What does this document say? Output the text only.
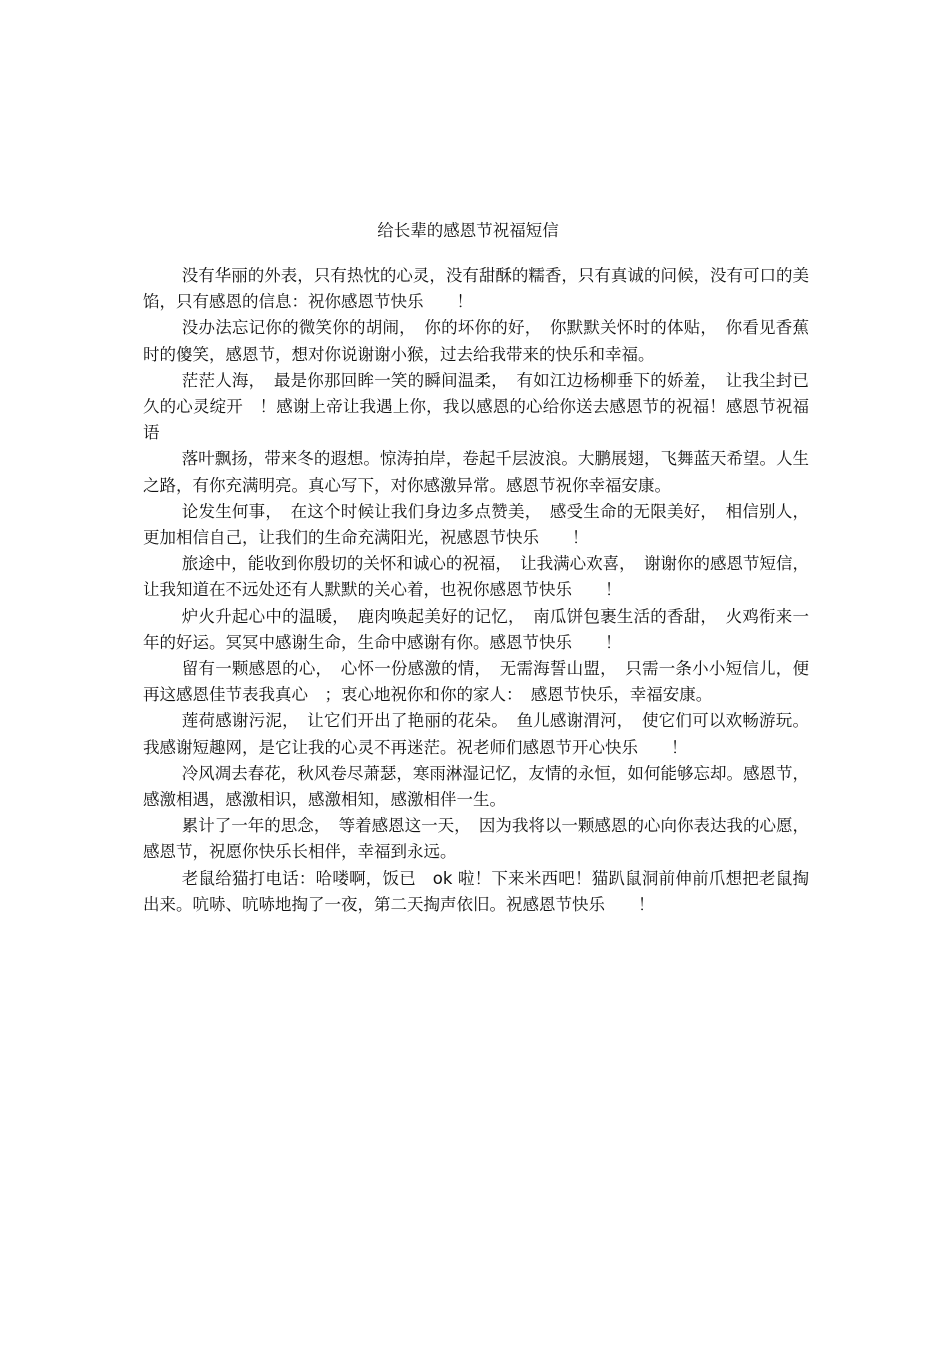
给长辈的感恩节祝福短信

没有华丽的外表，只有热忱的心灵，没有甜酥的糯香，只有真诚的问候，没有可口的美馅，只有感恩的信息：祝你感恩节快乐　　！

没办法忘记你的微笑你的胡闹，　你的坏你的好，　你默默关怀时的体贴，　你看见香蕉时的傻笑，感恩节，想对你说谢谢小猴，过去给我带来的快乐和幸福。

茫茫人海，　最是你那回眸一笑的瞬间温柔，　有如江边杨柳垂下的娇羞，　让我尘封已久的心灵绽开　！感谢上帝让我遇上你，我以感恩的心给你送去感恩节的祝福！感恩节祝福语

落叶飘扬，带来冬的遐想。惊涛拍岸，卷起千层波浪。大鹏展翅，飞舞蓝天希望。人生之路，有你充满明亮。真心写下，对你感激异常。感恩节祝你幸福安康。

论发生何事，　在这个时候让我们身边多点赞美，　感受生命的无限美好，　相信别人，更加相信自己，让我们的生命充满阳光，祝感恩节快乐　　！

旅途中，能收到你殷切的关怀和诚心的祝福，　让我满心欢喜，　谢谢你的感恩节短信，让我知道在不远处还有人默默的关心着，也祝你感恩节快乐　　！

炉火升起心中的温暖，　鹿肉唤起美好的记忆，　南瓜饼包裹生活的香甜，　火鸡衔来一年的好运。冥冥中感谢生命，生命中感谢有你。感恩节快乐　　！

留有一颗感恩的心，　心怀一份感激的情，　无需海誓山盟，　只需一条小小短信儿，便再这感恩佳节表我真心　；衷心地祝你和你的家人：　感恩节快乐，幸福安康。

莲荷感谢污泥，　让它们开出了艳丽的花朵。　鱼儿感谢渭河，　使它们可以欢畅游玩。我感谢短趣网，是它让我的心灵不再迷茫。祝老师们感恩节开心快乐　　！

冷风凋去春花，秋风卷尽萧瑟，寒雨淋湿记忆，友情的永恒，如何能够忘却。感恩节，感激相遇，感激相识，感激相知，感激相伴一生。

累计了一年的思念，　等着感恩这一天，　因为我将以一颗感恩的心向你表达我的心愿，感恩节，祝愿你快乐长相伴，幸福到永远。

老鼠给猫打电话：哈喽啊，饭已　ok 啦！下来米西吧！猫趴鼠洞前伸前爪想把老鼠掏出来。吭哧、吭哧地掏了一夜，第二天掏声依旧。祝感恩节快乐　　！
